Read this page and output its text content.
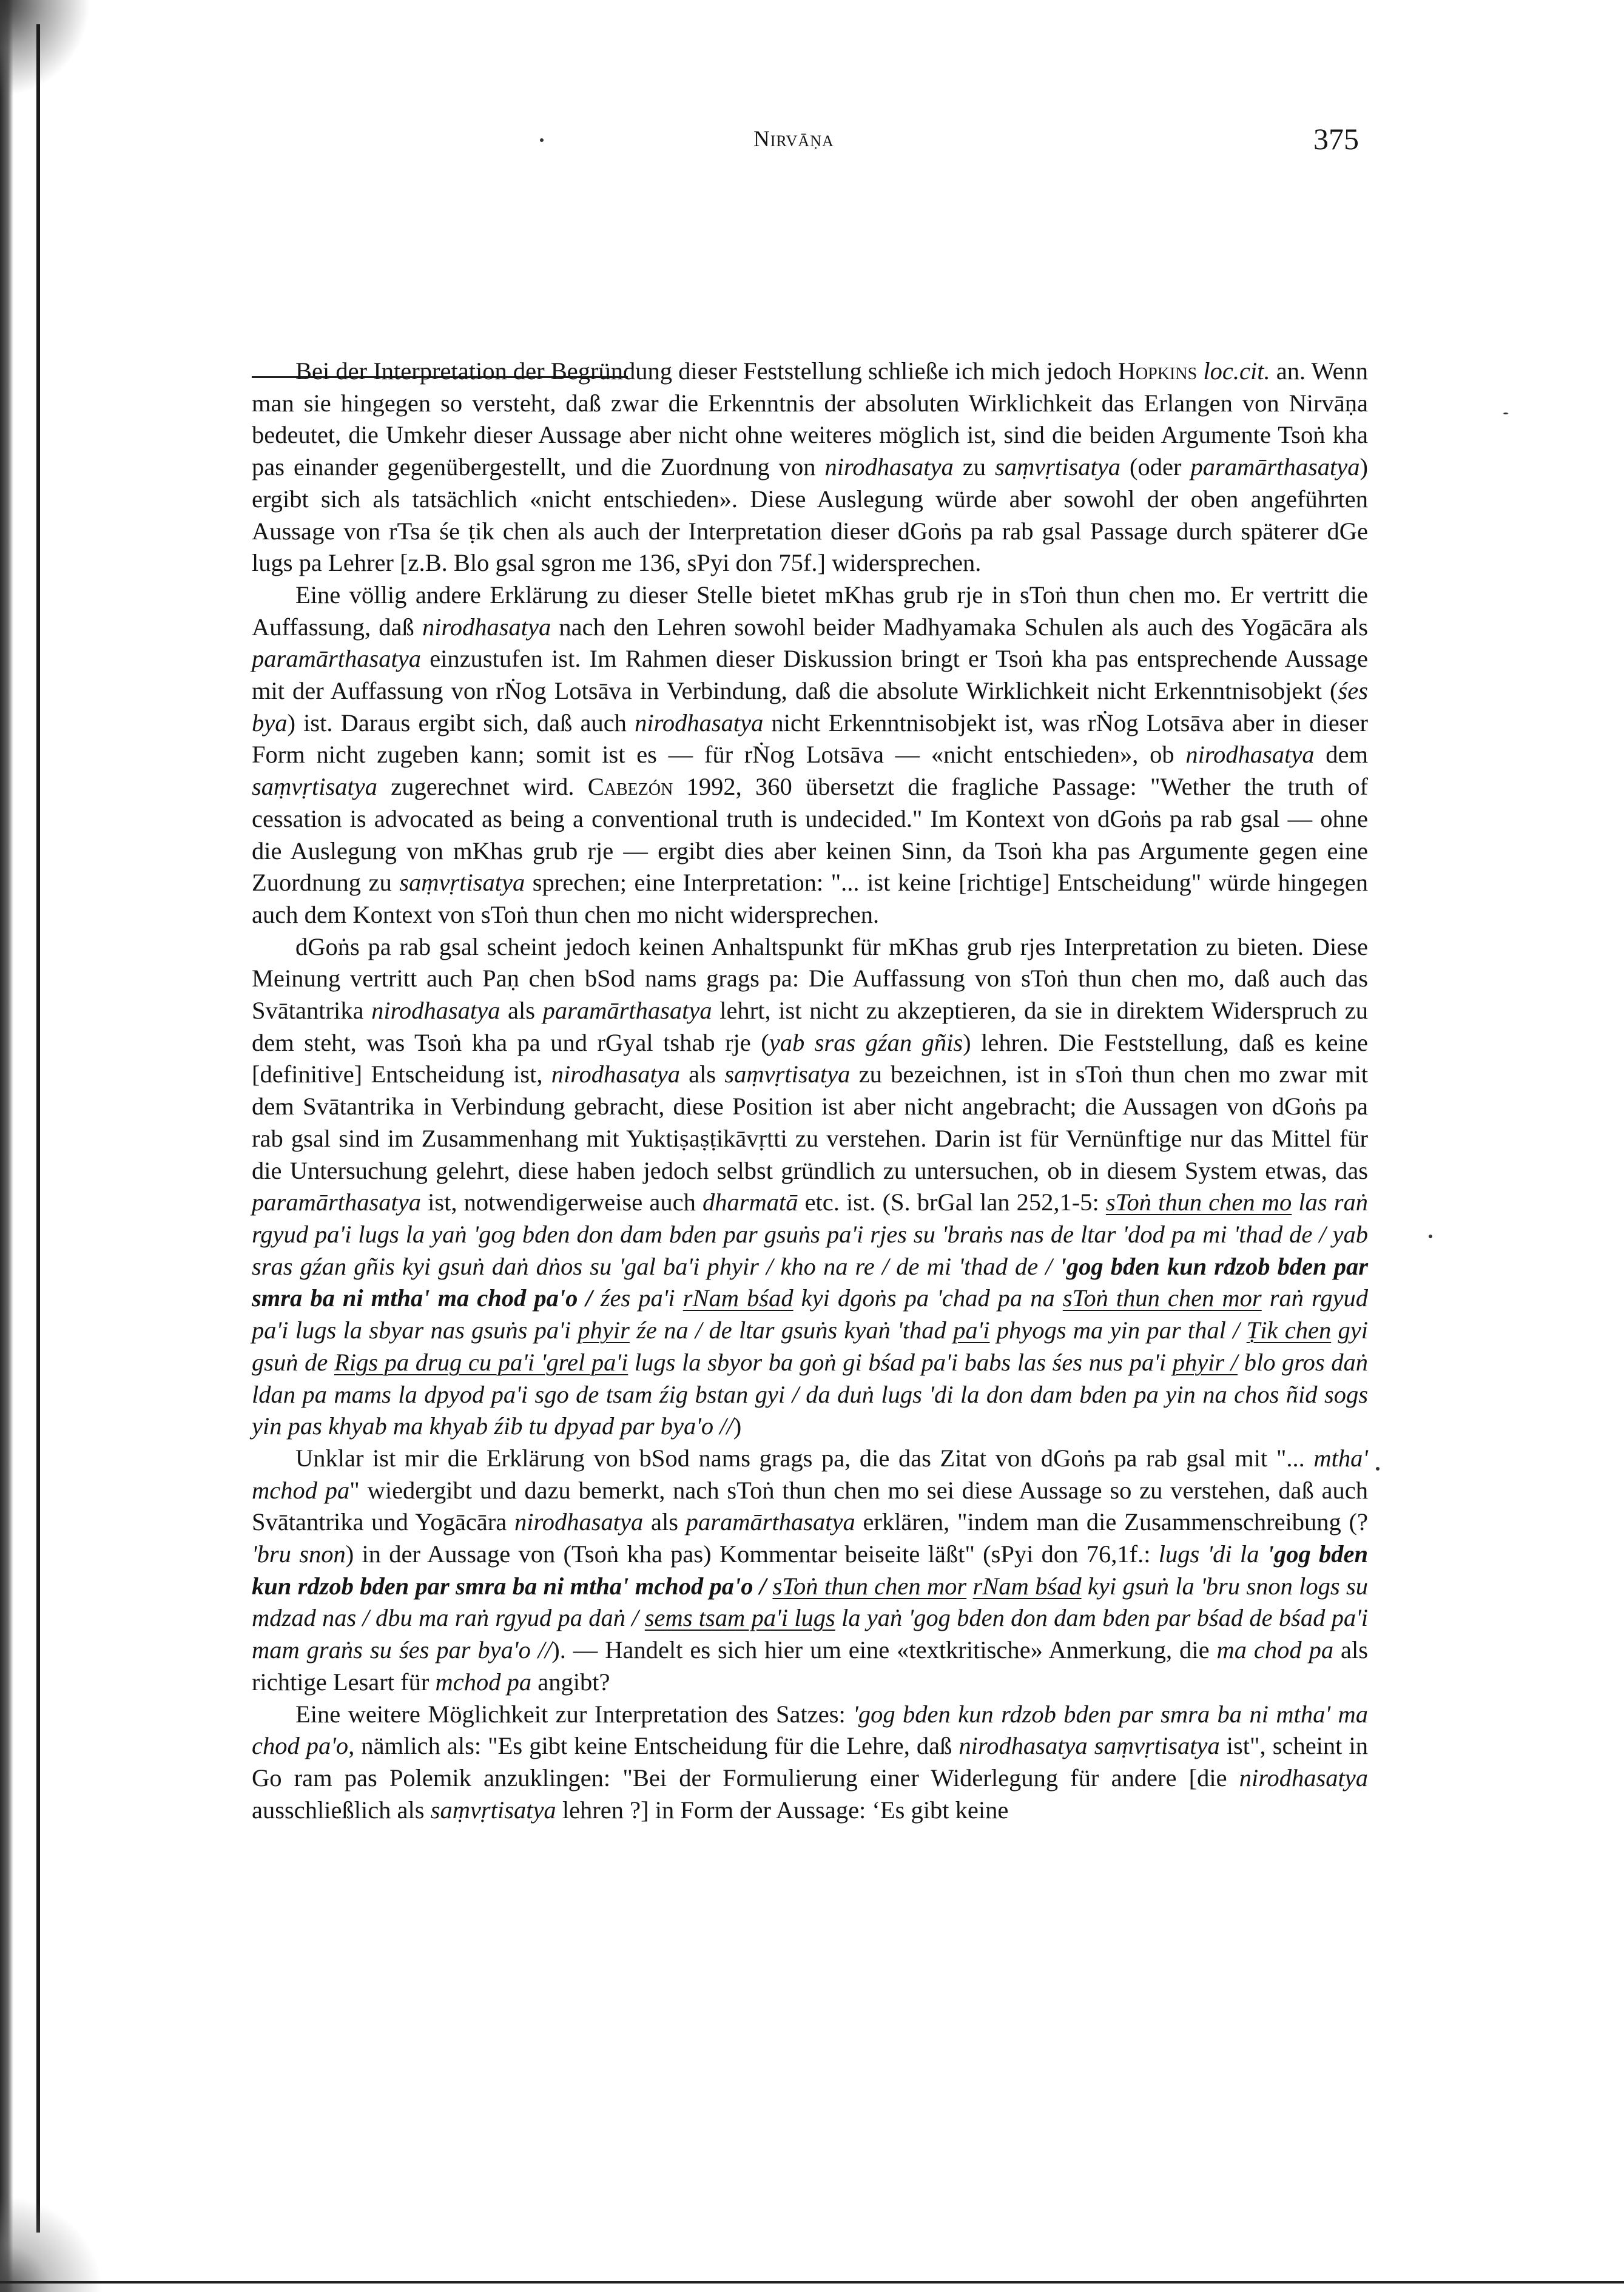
Nirvāṇa	375

Bei der Interpretation der Begründung dieser Feststellung schließe ich mich jedoch Hopkins loc.cit. an. Wenn man sie hingegen so versteht, daß zwar die Erkenntnis der absoluten Wirklichkeit das Erlangen von Nirvāṇa bedeutet, die Umkehr dieser Aussage aber nicht ohne weiteres möglich ist, sind die beiden Argumente Tsoṅ kha pas einander gegenübergestellt, und die Zuordnung von nirodhasatya zu saṃvṛtisatya (oder paramārthasatya) ergibt sich als tatsächlich «nicht entschieden». Diese Auslegung würde aber sowohl der oben angeführten Aussage von rTsa śe ṭik chen als auch der Interpretation dieser dGoṅs pa rab gsal Passage durch späterer dGe lugs pa Lehrer [z.B. Blo gsal sgron me 136, sPyi don 75f.] widersprechen.

Eine völlig andere Erklärung zu dieser Stelle bietet mKhas grub rje in sToṅ thun chen mo. Er vertritt die Auffassung, daß nirodhasatya nach den Lehren sowohl beider Madhyamaka Schulen als auch des Yogācāra als paramārthasatya einzustufen ist. Im Rahmen dieser Diskussion bringt er Tsoṅ kha pas entsprechende Aussage mit der Auffassung von rṄog Lotsāva in Verbindung, daß die absolute Wirklichkeit nicht Erkenntnisobjekt (śes bya) ist. Daraus ergibt sich, daß auch nirodhasatya nicht Erkenntnisobjekt ist, was rṄog Lotsāva aber in dieser Form nicht zugeben kann; somit ist es — für rṄog Lotsāva — «nicht entschieden», ob nirodhasatya dem saṃvṛtisatya zugerechnet wird. Cabezón 1992, 360 übersetzt die fragliche Passage: "Wether the truth of cessation is advocated as being a conventional truth is undecided." Im Kontext von dGoṅs pa rab gsal — ohne die Auslegung von mKhas grub rje — ergibt dies aber keinen Sinn, da Tsoṅ kha pas Argumente gegen eine Zuordnung zu saṃvṛtisatya sprechen; eine Interpretation: "... ist keine [richtige] Entscheidung" würde hingegen auch dem Kontext von sToṅ thun chen mo nicht widersprechen.

dGoṅs pa rab gsal scheint jedoch keinen Anhaltspunkt für mKhas grub rjes Interpretation zu bieten. Diese Meinung vertritt auch Paṇ chen bSod nams grags pa: Die Auffassung von sToṅ thun chen mo, daß auch das Svātantrika nirodhasatya als paramārthasatya lehrt, ist nicht zu akzeptieren, da sie in direktem Widerspruch zu dem steht, was Tsoṅ kha pa und rGyal tshab rje (yab sras gźan gñis) lehren. Die Feststellung, daß es keine [definitive] Entscheidung ist, nirodhasatya als saṃvṛtisatya zu bezeichnen, ist in sToṅ thun chen mo zwar mit dem Svātantrika in Verbindung gebracht, diese Position ist aber nicht angebracht; die Aussagen von dGoṅs pa rab gsal sind im Zusammenhang mit Yuktiṣaṣṭikāvṛtti zu verstehen. Darin ist für Vernünftige nur das Mittel für die Untersuchung gelehrt, diese haben jedoch selbst gründlich zu untersuchen, ob in diesem System etwas, das paramārthasatya ist, notwendigerweise auch dharmatā etc. ist. (S. brGal lan 252,1-5: sToṅ thun chen mo las raṅ rgyud pa'i lugs la yaṅ 'gog bden don dam bden par gsuṅs pa'i rjes su 'braṅs nas de ltar 'dod pa mi 'thad de / yab sras gźan gñis kyi gsuṅ daṅ dṅos su 'gal ba'i phyir / kho na re / de mi 'thad de / 'gog bden kun rdzob bden par smra ba ni mtha' ma chod pa'o / źes pa'i rNam bśad kyi dgoṅs pa 'chad pa na sToṅ thun chen mor raṅ rgyud pa'i lugs la sbyar nas gsuṅs pa'i phyir źe na / de ltar gsuṅs kyaṅ 'thad pa'i phyogs ma yin par thal / Ṭik chen gyi gsuṅ de Rigs pa drug cu pa'i 'grel pa'i lugs la sbyor ba goṅ gi bśad pa'i babs las śes nus pa'i phyir / blo gros daṅ ldan pa mams la dpyod pa'i sgo de tsam źig bstan gyi / da duṅ lugs 'di la don dam bden pa yin na chos ñid sogs yin pas khyab ma khyab źib tu dpyad par bya'o //)

Unklar ist mir die Erklärung von bSod nams grags pa, die das Zitat von dGoṅs pa rab gsal mit "... mtha' mchod pa" wiedergibt und dazu bemerkt, nach sToṅ thun chen mo sei diese Aussage so zu verstehen, daß auch Svātantrika und Yogācāra nirodhasatya als paramārthasatya erklären, "indem man die Zusammenschreibung (? 'bru snon) in der Aussage von (Tsoṅ kha pas) Kommentar beiseite läßt" (sPyi don 76,1f.: lugs 'di la 'gog bden kun rdzob bden par smra ba ni mtha' mchod pa'o / sToṅ thun chen mor rNam bśad kyi gsuṅ la 'bru snon logs su mdzad nas / dbu ma raṅ rgyud pa daṅ / sems tsam pa'i lugs la yaṅ 'gog bden don dam bden par bśad de bśad pa'i mam graṅs su śes par bya'o //). — Handelt es sich hier um eine «textkritische» Anmerkung, die ma chod pa als richtige Lesart für mchod pa angibt?

Eine weitere Möglichkeit zur Interpretation des Satzes: 'gog bden kun rdzob bden par smra ba ni mtha' ma chod pa'o, nämlich als: "Es gibt keine Entscheidung für die Lehre, daß nirodhasatya saṃvṛtisatya ist", scheint in Go ram pas Polemik anzuklingen: "Bei der Formulierung einer Widerlegung für andere [die nirodhasatya ausschließlich als saṃvṛtisatya lehren ?] in Form der Aussage: ‘Es gibt keine
